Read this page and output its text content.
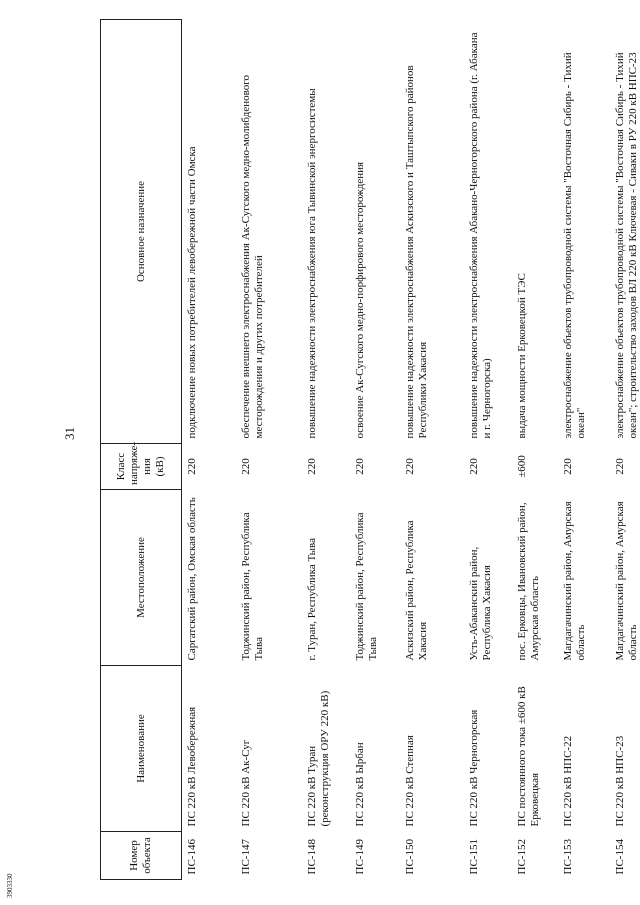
31
3903330
Номер объекта	Наименование	Местоположение	Класс напряже-ния (кВ)	Основное назначение
ПС-146	ПС 220 кВ Левобережная	Саргатский район, Омская область	220	подключение новых потребителей левобережной части Омска
ПС-147	ПС 220 кВ Ак-Суг	Тоджинский район, Республика Тыва	220	обеспечение внешнего электроснабжения Ак-Сугского медно-молибденового месторождения и других потребителей
ПС-148	ПС 220 кВ Туран (реконструкция ОРУ 220 кВ)	г. Туран, Республика Тыва	220	повышение надежности электроснабжения юга Тывинской энергосистемы
ПС-149	ПС 220 кВ Ырбан	Тоджинский район, Республика Тыва	220	освоение Ак-Сугского медно-порфирового месторождения
ПС-150	ПС 220 кВ Степная	Аскизский район, Республика Хакасия	220	повышение надежности электроснабжения Аскизского и Таштыпского районов Республики Хакасия
ПС-151	ПС 220 кВ Черногорская	Усть-Абаканский район, Республика Хакасия	220	повышение надежности электроснабжения Абакано-Черногорского района (г. Абакана и г. Черногорска)
ПС-152	ПС постоянного тока ±600 кВ Ерковецкая	пос. Ерковцы, Ивановский район, Амурская область	±600	выдача мощности Ерковецкой ТЭС
ПС-153	ПС 220 кВ НПС-22	Магдагачинский район, Амурская область	220	электроснабжение объектов трубопроводной системы "Восточная Сибирь - Тихий океан"
ПС-154	ПС 220 кВ НПС-23	Магдагачинский район, Амурская область	220	электроснабжение объектов трубопроводной системы "Восточная Сибирь - Тихий океан"; строительство заходов ВЛ 220 кВ Ключевая - Сиваки в РУ 220 кВ НПС-23
